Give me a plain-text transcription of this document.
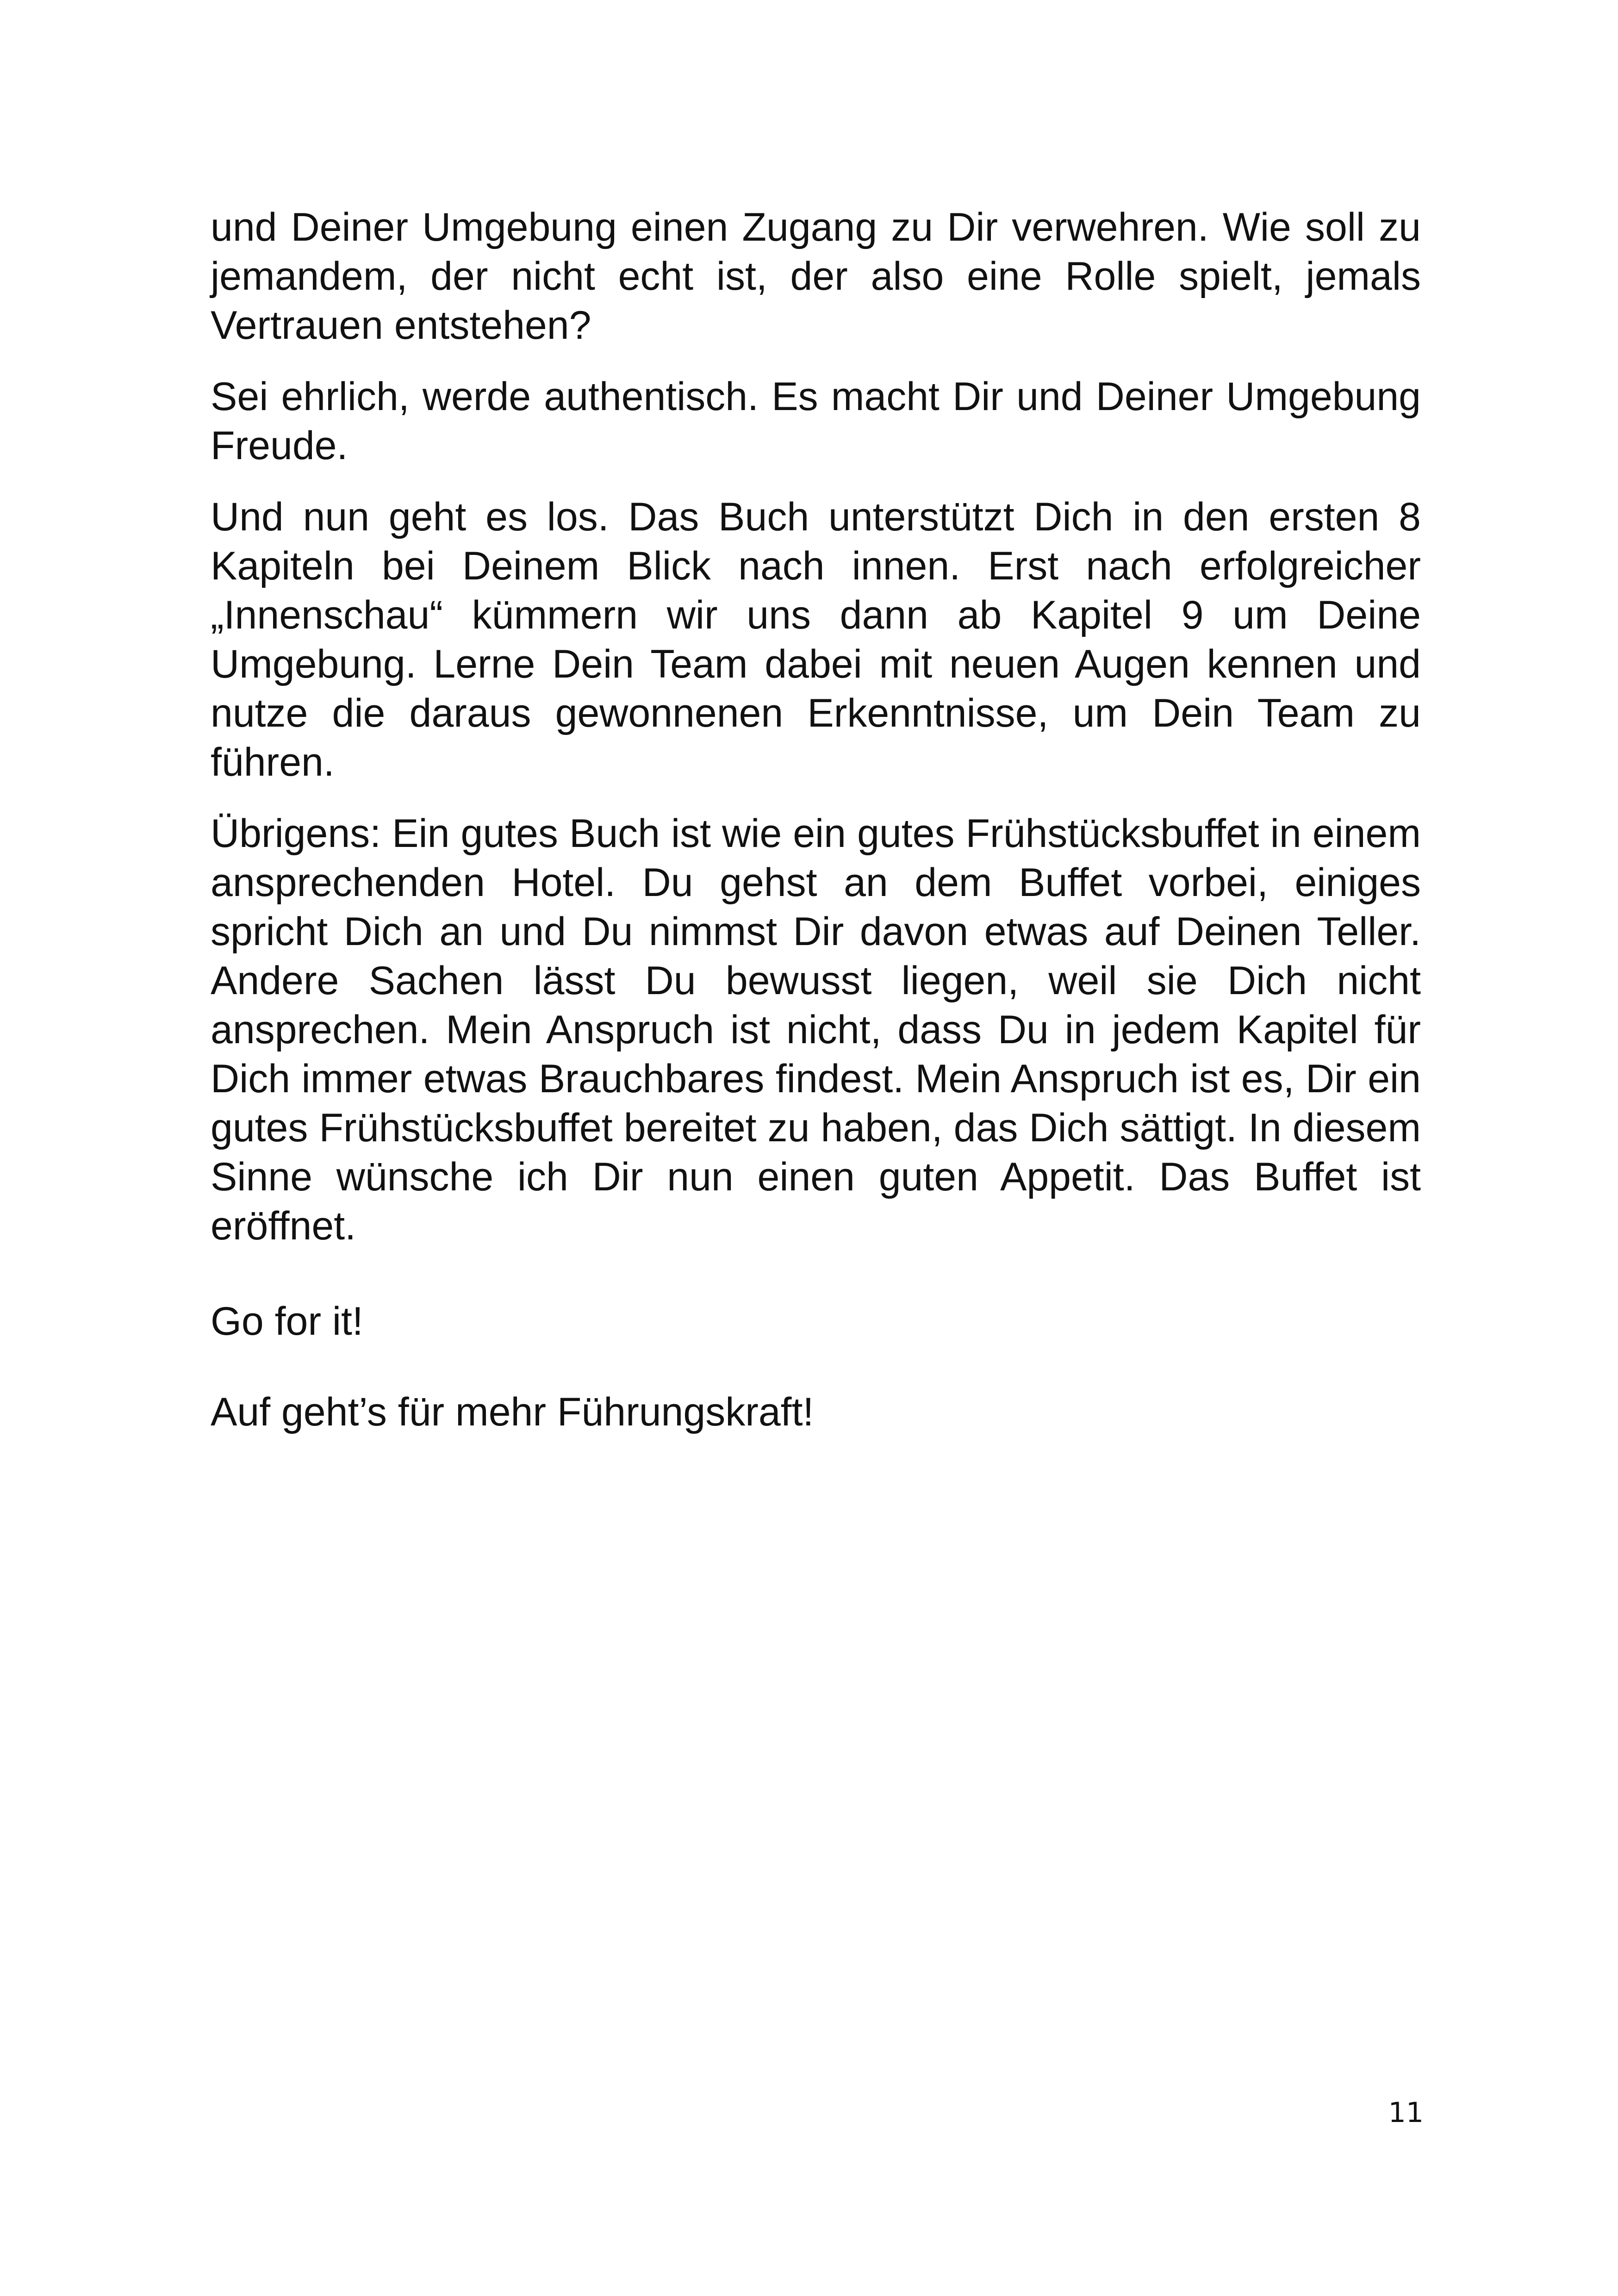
und Deiner Umgebung einen Zugang zu Dir verwehren. Wie soll zu jemandem, der nicht echt ist, der also eine Rolle spielt, jemals Vertrauen entstehen?

Sei ehrlich, werde authentisch. Es macht Dir und Deiner Umgebung Freude.

Und nun geht es los. Das Buch unterstützt Dich in den ersten 8 Kapiteln bei Deinem Blick nach innen. Erst nach erfolgreicher „Innenschau“ kümmern wir uns dann ab Kapitel 9 um Deine Umgebung. Lerne Dein Team dabei mit neuen Augen kennen und nutze die daraus gewonnenen Erkenntnisse, um Dein Team zu führen.

Übrigens: Ein gutes Buch ist wie ein gutes Frühstücksbuffet in einem ansprechenden Hotel. Du gehst an dem Buffet vorbei, einiges spricht Dich an und Du nimmst Dir davon etwas auf Deinen Teller. Andere Sachen lässt Du bewusst liegen, weil sie Dich nicht ansprechen. Mein Anspruch ist nicht, dass Du in jedem Kapitel für Dich immer etwas Brauchbares findest. Mein Anspruch ist es, Dir ein gutes Frühstücksbuffet bereitet zu haben, das Dich sättigt. In diesem Sinne wünsche ich Dir nun einen guten Appetit. Das Buffet ist eröffnet.

Go for it!

Auf geht’s für mehr Führungskraft!

11
